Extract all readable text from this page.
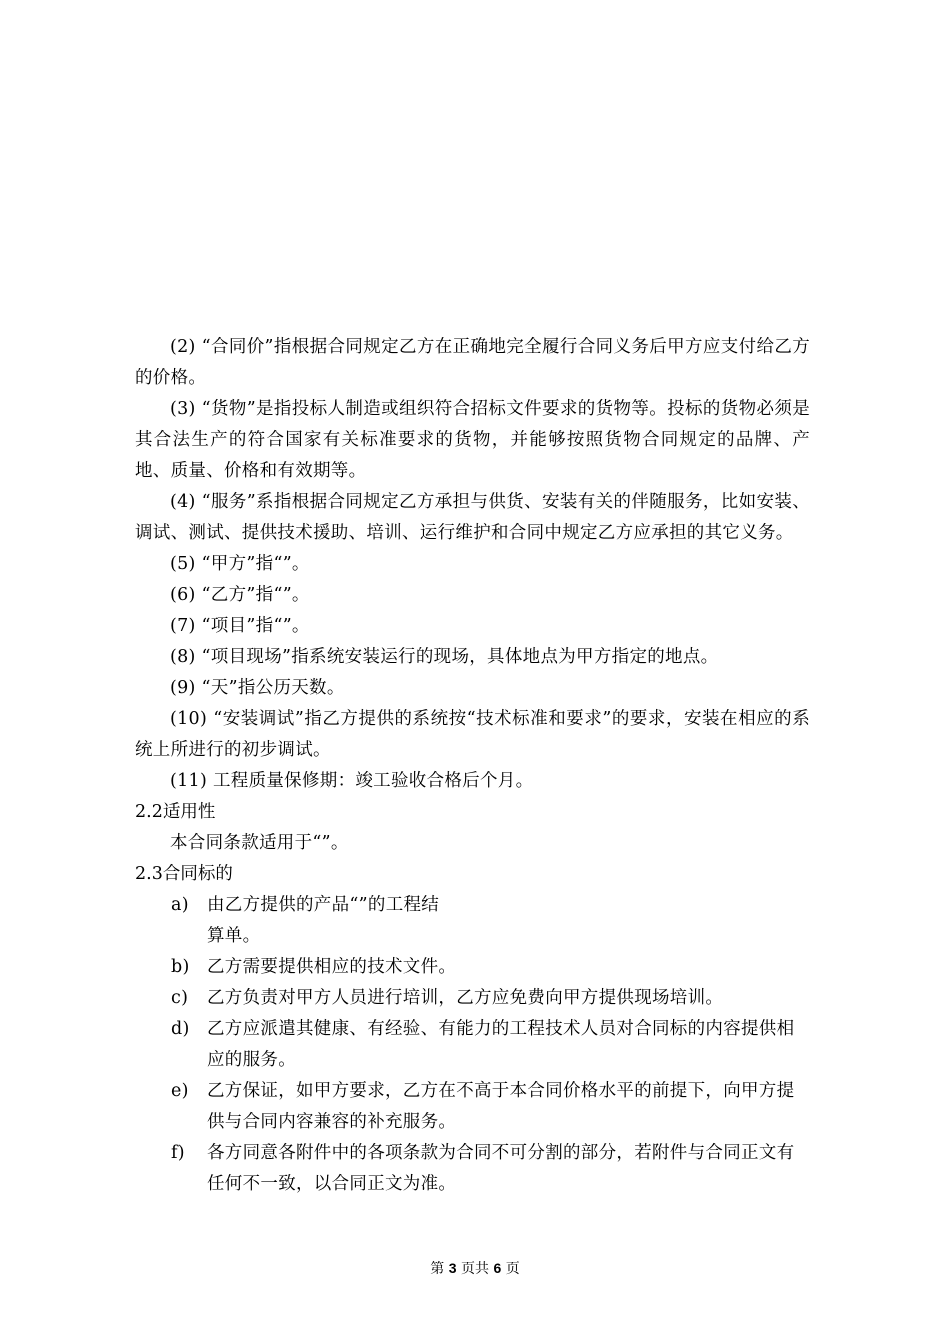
(2) “合同价”指根据合同规定乙方在正确地完全履行合同义务后甲方应支付给乙方的价格。

(3) “货物”是指投标人制造或组织符合招标文件要求的货物等。投标的货物必须是其合法生产的符合国家有关标准要求的货物，并能够按照货物合同规定的品牌、产地、质量、价格和有效期等。

(4) “服务”系指根据合同规定乙方承担与供货、安装有关的伴随服务，比如安装、调试、测试、提供技术援助、培训、运行维护和合同中规定乙方应承担的其它义务。

(5) “甲方”指“”。

(6) “乙方”指“”。

(7) “项目”指“”。

(8) “项目现场”指系统安装运行的现场，具体地点为甲方指定的地点。

(9) “天”指公历天数。

(10) “安装调试”指乙方提供的系统按“技术标准和要求”的要求，安装在相应的系统上所进行的初步调试。

(11) 工程质量保修期：竣工验收合格后个月。

2.2适用性

本合同条款适用于“”。

2.3合同标的

a)	由乙方提供的产品“”的工程结
算单。
b) 乙方需要提供相应的技术文件。
c)	乙方负责对甲方人员进行培训，乙方应免费向甲方提供现场培训。
d) 乙方应派遣其健康、有经验、有能力的工程技术人员对合同标的内容提供相应的服务。
e)	乙方保证，如甲方要求，乙方在不高于本合同价格水平的前提下，向甲方提供与合同内容兼容的补充服务。
f)	各方同意各附件中的各项条款为合同不可分割的部分，若附件与合同正文有任何不一致，以合同正文为准。
第 3 页共 6 页
